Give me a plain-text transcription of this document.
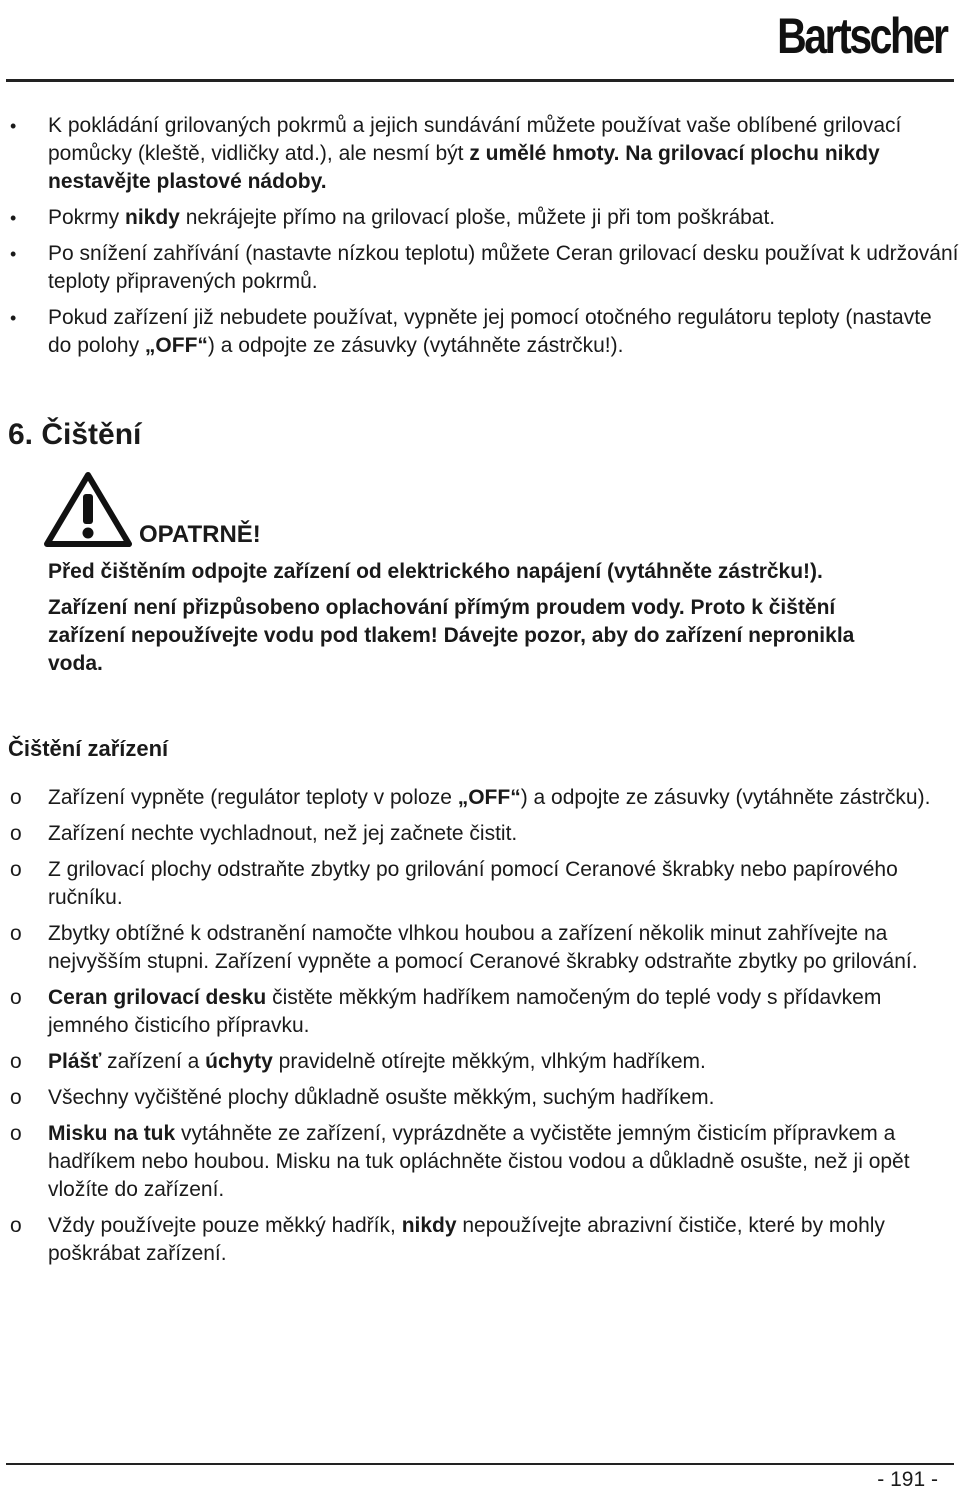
Bartscher
• K pokládání grilovaných pokrmů a jejich sundávání můžete používat vaše oblíbené grilovací pomůcky (kleště, vidličky atd.), ale nesmí být z umělé hmoty. Na grilovací plochu nikdy nestavějte plastové nádoby.
• Pokrmy nikdy nekrájejte přímo na grilovací ploše, můžete ji při tom poškrábat.
• Po snížení zahřívání (nastavte nízkou teplotu) můžete Ceran grilovací desku používat k udržování teploty připravených pokrmů.
• Pokud zařízení již nebudete používat, vypněte jej pomocí otočného regulátoru teploty (nastavte do polohy „OFF“) a odpojte ze zásuvky (vytáhněte zástrčku!).
6. Čištění
OPATRNĚ!

Před čištěním odpojte zařízení od elektrického napájení (vytáhněte zástrčku!).

Zařízení není přizpůsobeno oplachování přímým proudem vody. Proto k čištění zařízení nepoužívejte vodu pod tlakem! Dávejte pozor, aby do zařízení nepronikla voda.

Čištění zařízení
o Zařízení vypněte (regulátor teploty v poloze „OFF“) a odpojte ze zásuvky (vytáhněte zástrčku).
o Zařízení nechte vychladnout, než jej začnete čistit.
o Z grilovací plochy odstraňte zbytky po grilování pomocí Ceranové škrabky nebo papírového ručníku.
o Zbytky obtížné k odstranění namočte vlhkou houbou a zařízení několik minut zahřívejte na nejvyšším stupni. Zařízení vypněte a pomocí Ceranové škrabky odstraňte zbytky po grilování.
o Ceran grilovací desku čistěte měkkým hadříkem namočeným do teplé vody s přídavkem jemného čisticího přípravku.
o Plášť zařízení a úchyty pravidelně otírejte měkkým, vlhkým hadříkem.
o Všechny vyčištěné plochy důkladně osušte měkkým, suchým hadříkem.
o Misku na tuk vytáhněte ze zařízení, vyprázdněte a vyčistěte jemným čisticím přípravkem a hadříkem nebo houbou. Misku na tuk opláchněte čistou vodou a důkladně osušte, než ji opět vložíte do zařízení.
o Vždy používejte pouze měkký hadřík, nikdy nepoužívejte abrazivní čističe, které by mohly poškrábat zařízení.
- 191 -
